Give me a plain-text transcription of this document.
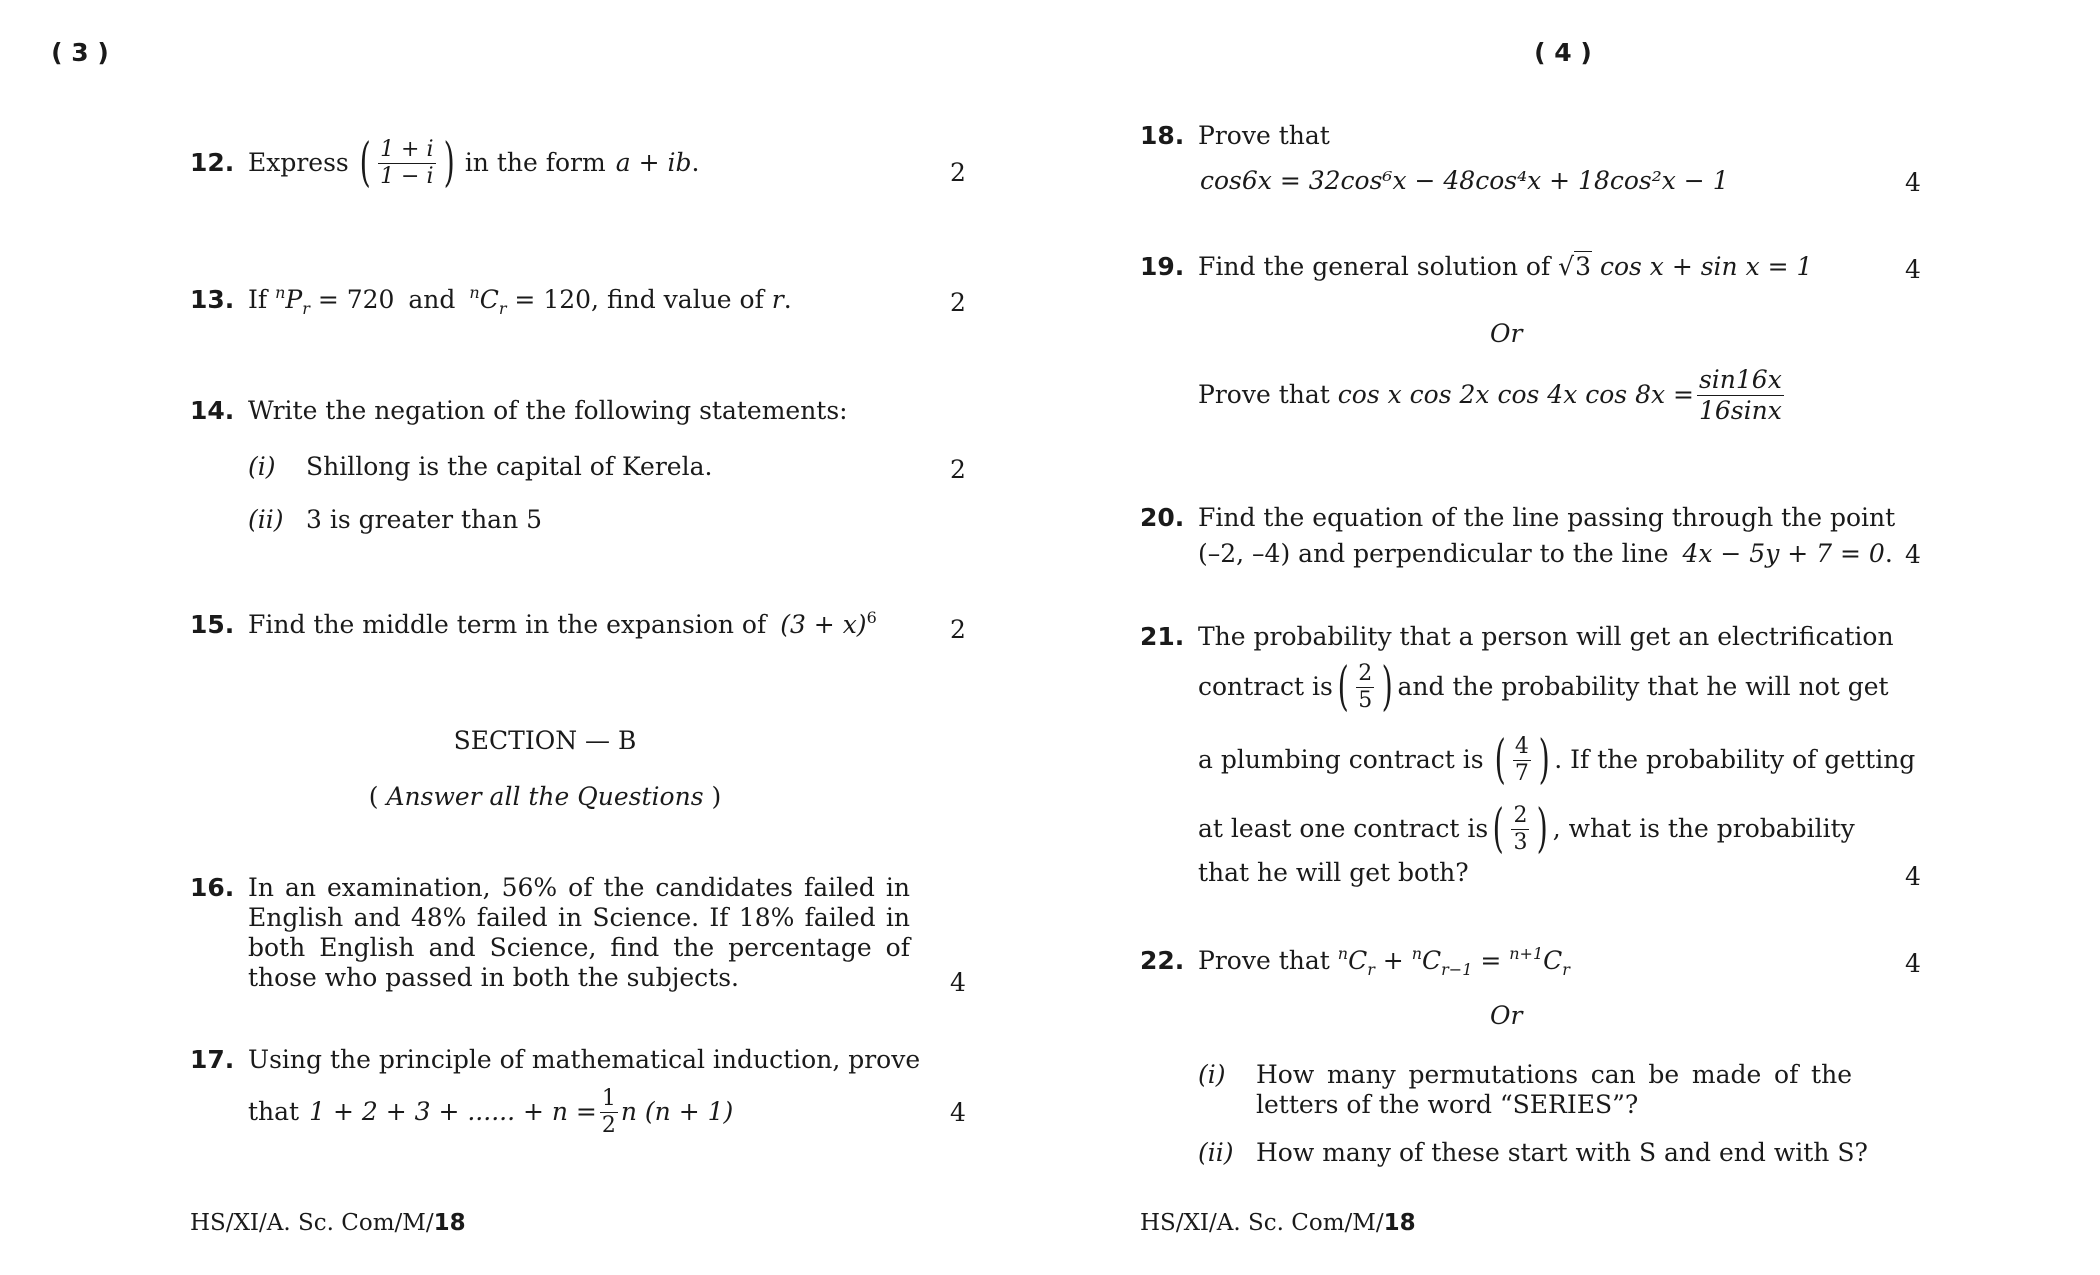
( 3 )
12. Express ( $\frac{1 + i}{1 - i}$ ) in the form a + ib .	2
13. If $^nP_r = 720$ and $^nC_r = 120$, find value of r.	2
14. Write the negation of the following statements:
(i) Shillong is the capital of Kerela.	2
(ii) 3 is greater than 5
15. Find the middle term in the expansion of $(3 + x)^6$	2
SECTION — B
( Answer all the Questions )
16. In an examination, 56% of the candidates failed in English and 48% failed in Science. If 18% failed in both English and Science, find the percentage of those who passed in both the subjects.	4
17. Using the principle of mathematical induction, prove
that 1 + 2 + 3 + ...... + $n = \frac{1}{2}$ n (n + 1)	4
HS/XI/A. Sc. Com/M/18
( 4 )
18. Prove that
cos6x = 32cos⁶x − 48cos⁴x + 18cos²x − 1	4
19. Find the general solution of √3 cos x + sin x = 1	4
Or
Prove that cos x cos 2x cos 4x $\cos 8x = \frac{\sin 16x}{16\sin x}$
20. Find the equation of the line passing through the point
(–2, –4) and perpendicular to the line 4x − 5y + 7 = 0. 4
21. The probability that a person will get an electrification
contract is ( $\frac{2}{5}$ ) and the probability that he will not get
a plumbing contract is ( $\frac{4}{7}$ ) . If the probability of getting
at least one contract is ( $\frac{2}{3}$ ) , what is the probability
that he will get both?	4
22. Prove that $^nC_r + ^nC_{r-1} = ^{n+1}C_r$	4
Or
(i) How many permutations can be made of the letters of the word “SERIES”?
(ii) How many of these start with S and end with S?
HS/XI/A. Sc. Com/M/18
